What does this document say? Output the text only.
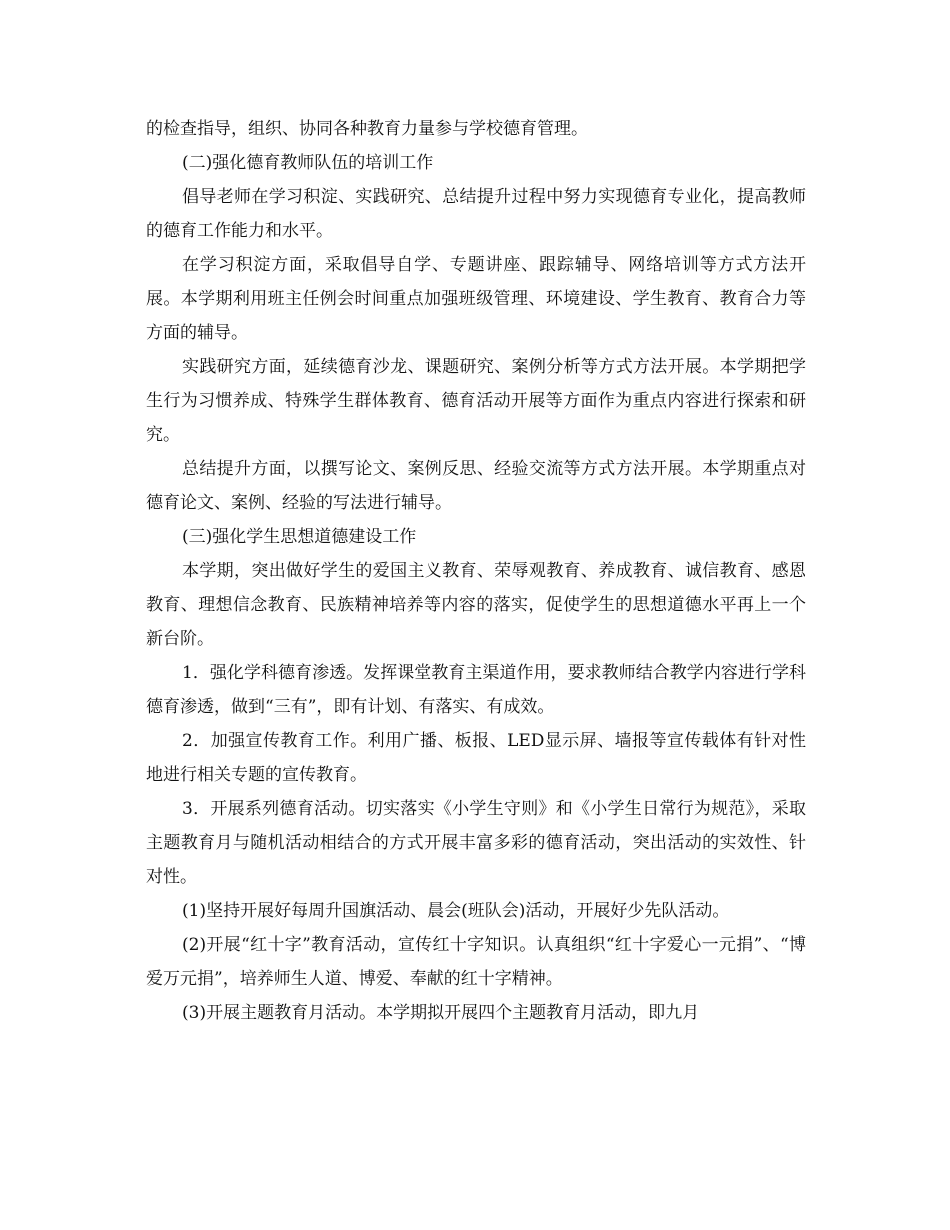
的检查指导，组织、协同各种教育力量参与学校德育管理。

(二)强化德育教师队伍的培训工作

倡导老师在学习积淀、实践研究、总结提升过程中努力实现德育专业化，提高教师的德育工作能力和水平。

在学习积淀方面，采取倡导自学、专题讲座、跟踪辅导、网络培训等方式方法开展。本学期利用班主任例会时间重点加强班级管理、环境建设、学生教育、教育合力等方面的辅导。

实践研究方面，延续德育沙龙、课题研究、案例分析等方式方法开展。本学期把学生行为习惯养成、特殊学生群体教育、德育活动开展等方面作为重点内容进行探索和研究。

总结提升方面，以撰写论文、案例反思、经验交流等方式方法开展。本学期重点对德育论文、案例、经验的写法进行辅导。

(三)强化学生思想道德建设工作

本学期，突出做好学生的爱国主义教育、荣辱观教育、养成教育、诚信教育、感恩教育、理想信念教育、民族精神培养等内容的落实，促使学生的思想道德水平再上一个新台阶。

1．强化学科德育渗透。发挥课堂教育主渠道作用，要求教师结合教学内容进行学科德育渗透，做到“三有”，即有计划、有落实、有成效。

2．加强宣传教育工作。利用广播、板报、LED显示屏、墙报等宣传载体有针对性地进行相关专题的宣传教育。

3．开展系列德育活动。切实落实《小学生守则》和《小学生日常行为规范》，采取主题教育月与随机活动相结合的方式开展丰富多彩的德育活动，突出活动的实效性、针对性。

(1)坚持开展好每周升国旗活动、晨会(班队会)活动，开展好少先队活动。

(2)开展“红十字”教育活动，宣传红十字知识。认真组织“红十字爱心一元捐”、“博爱万元捐”，培养师生人道、博爱、奉献的红十字精神。

(3)开展主题教育月活动。本学期拟开展四个主题教育月活动，即九月
